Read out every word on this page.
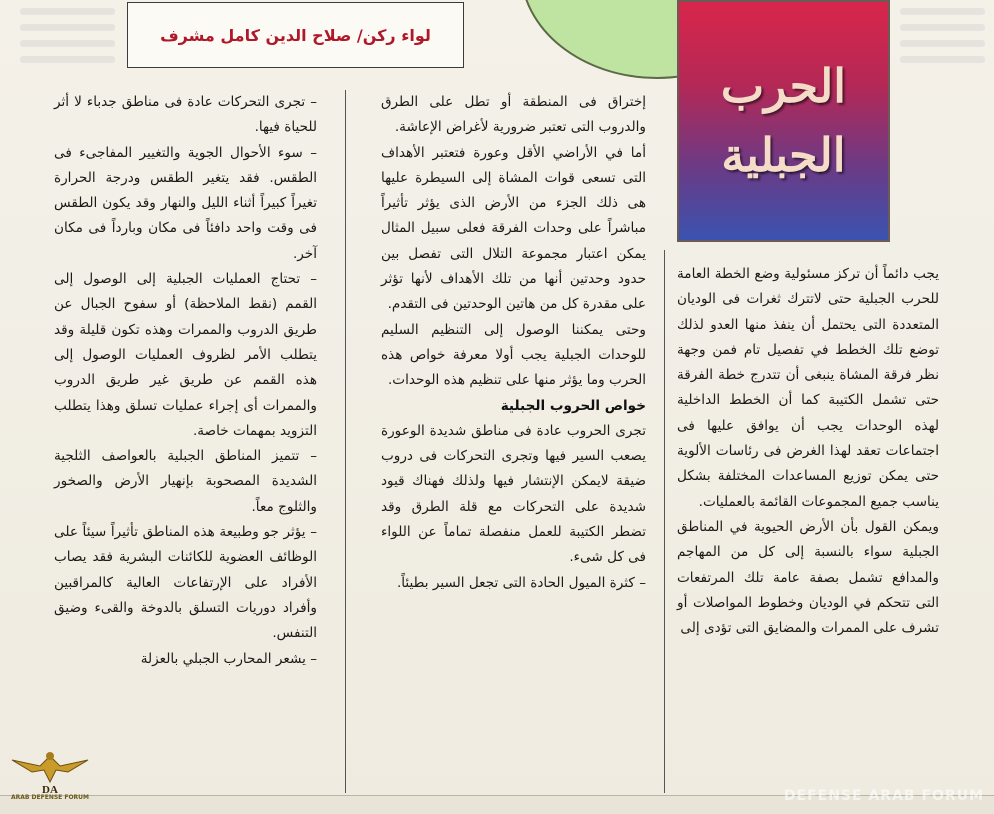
لواء ركن/ صلاح الدين كامل مشرف
الحرب
الجبلية

يجب دائماً أن تركز مسئولية وضع الخطة العامة للحرب الجبلية حتى لاتترك ثغرات فى الوديان المتعددة التى يحتمل أن ينفذ منها العدو لذلك توضع تلك الخطط في تفصيل تام فمن وجهة نظر فرقة المشاة ينبغى أن تتدرج خطة الفرقة حتى تشمل الكتيبة كما أن الخطط الداخلية لهذه الوحدات يجب أن يوافق عليها فى اجتماعات تعقد لهذا الغرض فى رئاسات الألوية حتى يمكن توزيع المساعدات المختلفة بشكل يناسب جميع المجموعات القائمة بالعمليات.

ويمكن القول بأن الأرض الحيوية في المناطق الجبلية سواء بالنسبة إلى كل من المهاجم والمدافع تشمل بصفة عامة تلك المرتفعات التى تتحكم في الوديان وخطوط المواصلات أو تشرف على الممرات والمضايق التى تؤدى إلى

إختراق فى المنطقة أو تطل على الطرق والدروب التى تعتبر ضرورية لأغراض الإعاشة.

أما في الأراضي الأقل وعورة فتعتبر الأهداف التى تسعى قوات المشاة إلى السيطرة عليها هى ذلك الجزء من الأرض الذى يؤثر تأثيراً مباشراً على وحدات الفرقة فعلى سبيل المثال يمكن اعتبار مجموعة التلال التى تفصل بين حدود وحدتين أنها من تلك الأهداف لأنها تؤثر على مقدرة كل من هاتين الوحدتين فى التقدم.

وحتى يمكننا الوصول إلى التنظيم السليم للوحدات الجبلية يجب أولا معرفة خواص هذه الحرب وما يؤثر منها على تنظيم هذه الوحدات.

خواص الحروب الجبلية

تجرى الحروب عادة فى مناطق شديدة الوعورة يصعب السير فيها وتجرى التحركات فى دروب ضيقة لايمكن الإنتشار فيها ولذلك فهناك قيود شديدة على التحركات مع قلة الطرق وقد تضطر الكتيبة للعمل منفصلة تماماً عن اللواء فى كل شىء.

– كثرة الميول الحادة التى تجعل السير بطيئاً.

– تجرى التحركات عادة فى مناطق جدباء لا أثر للحياة فيها.

– سوء الأحوال الجوية والتغيير المفاجىء فى الطقس. فقد يتغير الطقس ودرجة الحرارة تغيراً كبيراً أثناء الليل والنهار وقد يكون الطقس فى وقت واحد دافئاً فى مكان وبارداً فى مكان آخر.

– تحتاج العمليات الجبلية إلى الوصول إلى القمم (نقط الملاحظة) أو سفوح الجبال عن طريق الدروب والممرات وهذه تكون قليلة وقد يتطلب الأمر لظروف العمليات الوصول إلى هذه القمم عن طريق غير طريق الدروب والممرات أى إجراء عمليات تسلق وهذا يتطلب التزويد بمهمات خاصة.

– تتميز المناطق الجبلية بالعواصف الثلجية الشديدة المصحوبة بإنهيار الأرض والصخور والثلوج معاً.

– يؤثر جو وطبيعة هذه المناطق تأثيراً سيئاً على الوظائف العضوية للكائنات البشرية فقد يصاب الأفراد على الإرتفاعات العالية كالمراقبين وأفراد دوريات التسلق بالدوخة والقىء وضيق التنفس.

– يشعر المحارب الجبلي بالعزلة

DEFENSE ARAB FORUM
DA
ARAB DEFENSE FORUM
